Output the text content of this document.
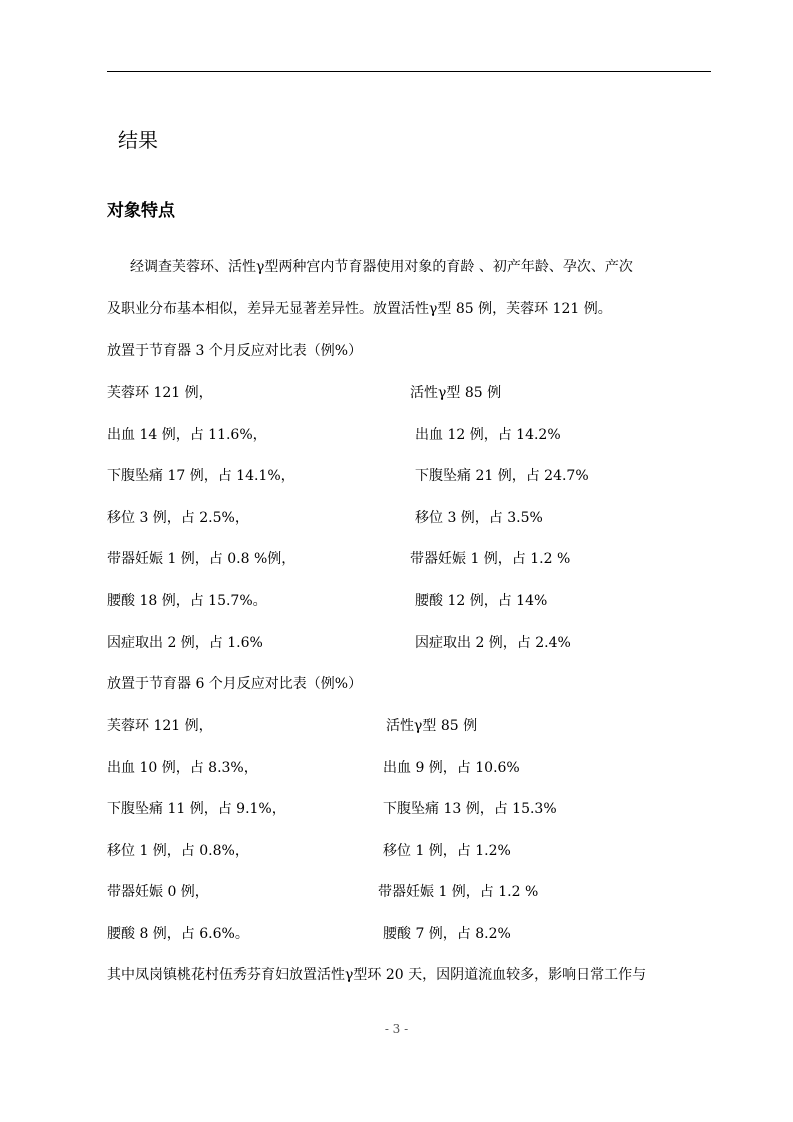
结果
对象特点
经调查芙蓉环、活性γ型两种宫内节育器使用对象的育龄 、初产年龄、孕次、产次
及职业分布基本相似，差异无显著差异性。放置活性γ型 85 例，芙蓉环 121 例。
放置于节育器 3 个月反应对比表（例%）
芙蓉环 121 例，	活性γ型 85 例
出血 14 例，占 11.6%，	出血 12 例，占 14.2%
下腹坠痛 17 例，占 14.1%，	下腹坠痛 21 例，占 24.7%
移位 3 例，占 2.5%，	移位 3 例，占 3.5%
带器妊娠 1 例，占 0.8 %例，	带器妊娠 1 例，占 1.2 %
腰酸 18 例，占 15.7%。	腰酸 12 例，占 14%
因症取出 2 例，占 1.6%	因症取出 2 例，占 2.4%
放置于节育器 6 个月反应对比表（例%）
芙蓉环 121 例，	活性γ型 85 例
出血 10 例，占 8.3%，	出血 9 例，占 10.6%
下腹坠痛 11 例，占 9.1%，	下腹坠痛 13 例，占 15.3%
移位 1 例，占 0.8%，	移位 1 例，占 1.2%
带器妊娠 0 例，	带器妊娠 1 例，占 1.2 %
腰酸 8 例，占 6.6%。	腰酸 7 例，占 8.2%
其中凤岗镇桃花村伍秀芬育妇放置活性γ型环 20 天，因阴道流血较多，影响日常工作与
- 3 -
